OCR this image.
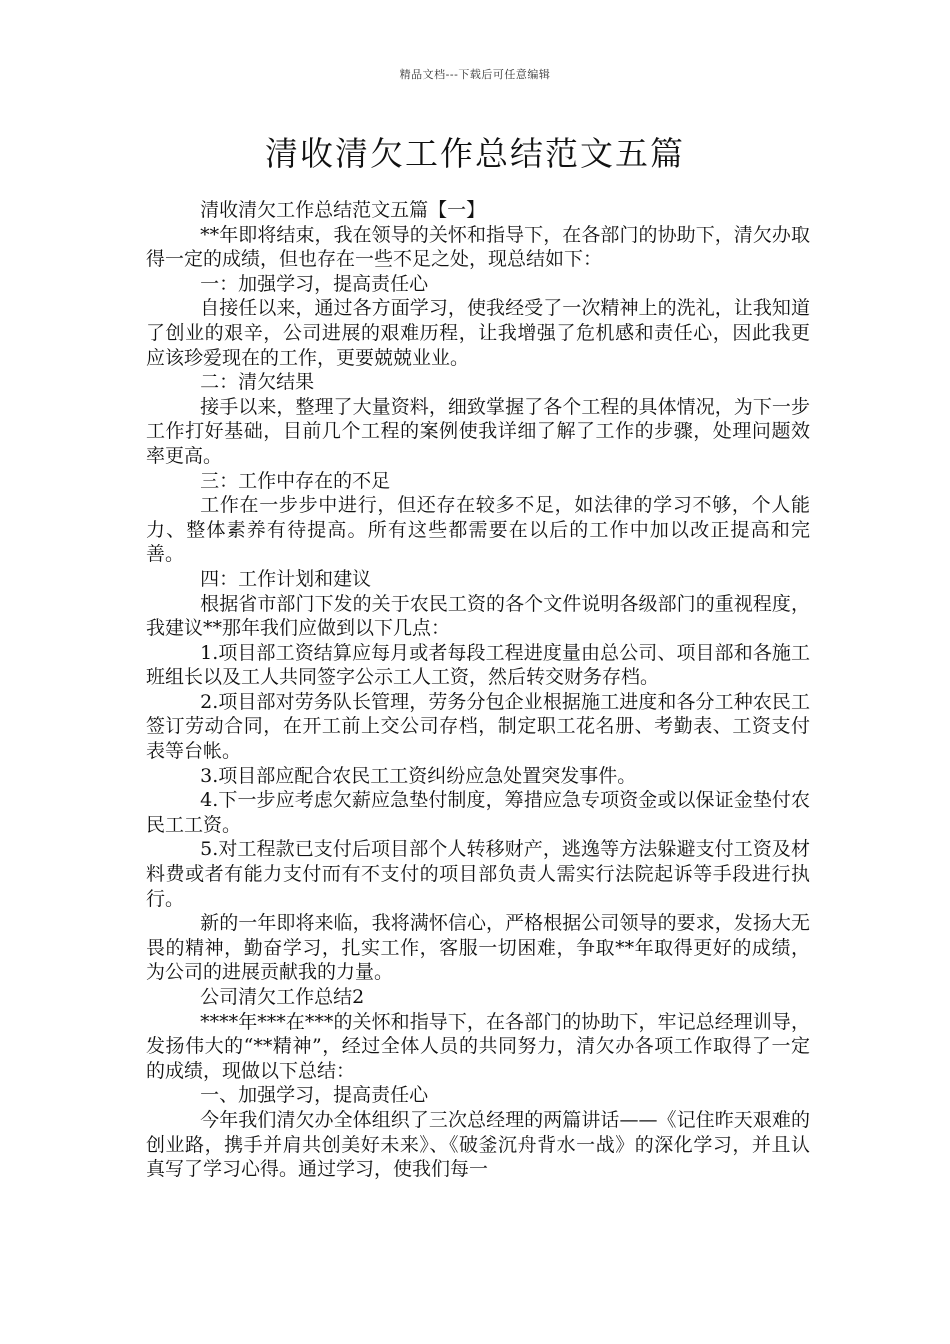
精品文档---下载后可任意编辑
清收清欠工作总结范文五篇

清收清欠工作总结范文五篇【一】

**年即将结束，我在领导的关怀和指导下，在各部门的协助下，清欠办取得一定的成绩，但也存在一些不足之处，现总结如下：

一：加强学习，提高责任心

自接任以来，通过各方面学习，使我经受了一次精神上的洗礼，让我知道了创业的艰辛，公司进展的艰难历程，让我增强了危机感和责任心，因此我更应该珍爱现在的工作，更要兢兢业业。

二：清欠结果

接手以来，整理了大量资料，细致掌握了各个工程的具体情况，为下一步工作打好基础，目前几个工程的案例使我详细了解了工作的步骤，处理问题效率更高。

三：工作中存在的不足

工作在一步步中进行，但还存在较多不足，如法律的学习不够，个人能力、整体素养有待提高。所有这些都需要在以后的工作中加以改正提高和完善。

四：工作计划和建议

根据省市部门下发的关于农民工资的各个文件说明各级部门的重视程度，我建议**那年我们应做到以下几点：

1.项目部工资结算应每月或者每段工程进度量由总公司、项目部和各施工班组长以及工人共同签字公示工人工资，然后转交财务存档。

2.项目部对劳务队长管理，劳务分包企业根据施工进度和各分工种农民工签订劳动合同，在开工前上交公司存档，制定职工花名册、考勤表、工资支付表等台帐。

3.项目部应配合农民工工资纠纷应急处置突发事件。

4.下一步应考虑欠薪应急垫付制度，筹措应急专项资金或以保证金垫付农民工工资。

5.对工程款已支付后项目部个人转移财产，逃逸等方法躲避支付工资及材料费或者有能力支付而有不支付的项目部负责人需实行法院起诉等手段进行执行。

新的一年即将来临，我将满怀信心，严格根据公司领导的要求，发扬大无畏的精神，勤奋学习，扎实工作，客服一切困难，争取**年取得更好的成绩，为公司的进展贡献我的力量。

公司清欠工作总结2

****年***在***的关怀和指导下，在各部门的协助下，牢记总经理训导，发扬伟大的“**精神”，经过全体人员的共同努力，清欠办各项工作取得了一定的成绩，现做以下总结：

一、加强学习，提高责任心

今年我们清欠办全体组织了三次总经理的两篇讲话——《记住昨天艰难的创业路，携手并肩共创美好未来》、《破釜沉舟背水一战》的深化学习，并且认真写了学习心得。通过学习，使我们每一
